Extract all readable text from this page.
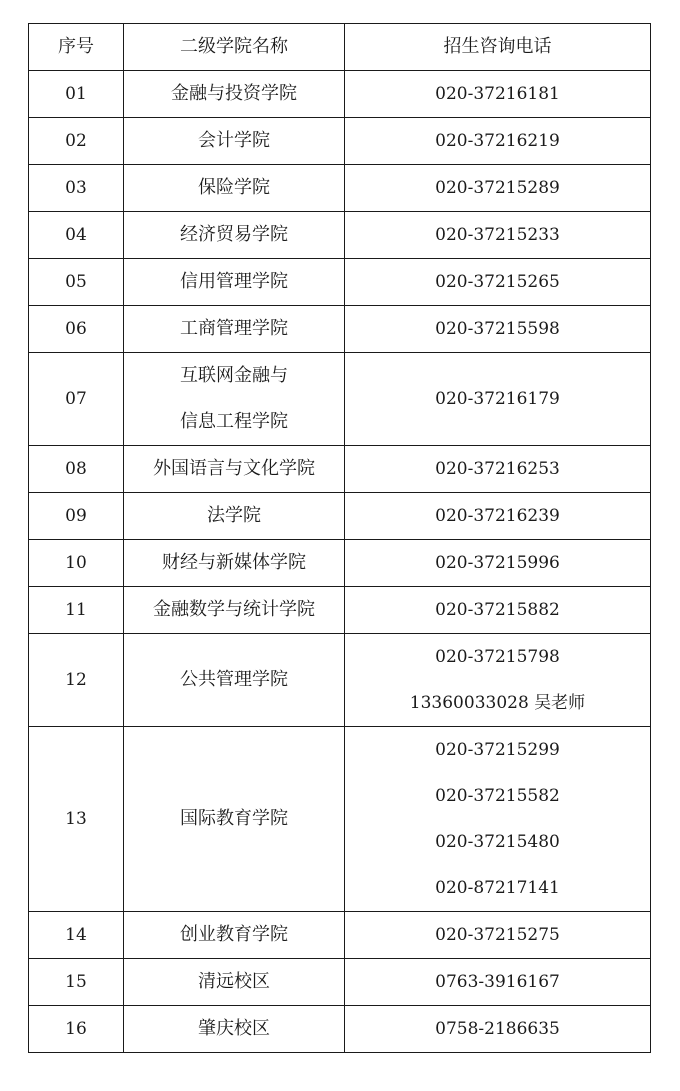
序号	二级学院名称	招生咨询电话

01	金融与投资学院	020-37216181

02	会计学院	020-37216219

03	保险学院	020-37215289

04	经济贸易学院	020-37215233

05	信用管理学院	020-37215265

06	工商管理学院	020-37215598

07	互联网金融与
信息工程学院	020-37216179

08	外国语言与文化学院	020-37216253

09	法学院	020-37216239

10	财经与新媒体学院	020-37215996

11	金融数学与统计学院	020-37215882

12	公共管理学院	020-37215798
13360033028 吴老师

13	国际教育学院	020-37215299
020-37215582
020-37215480
020-87217141

14	创业教育学院	020-37215275

15	清远校区	0763-3916167

16	肇庆校区	0758-2186635
